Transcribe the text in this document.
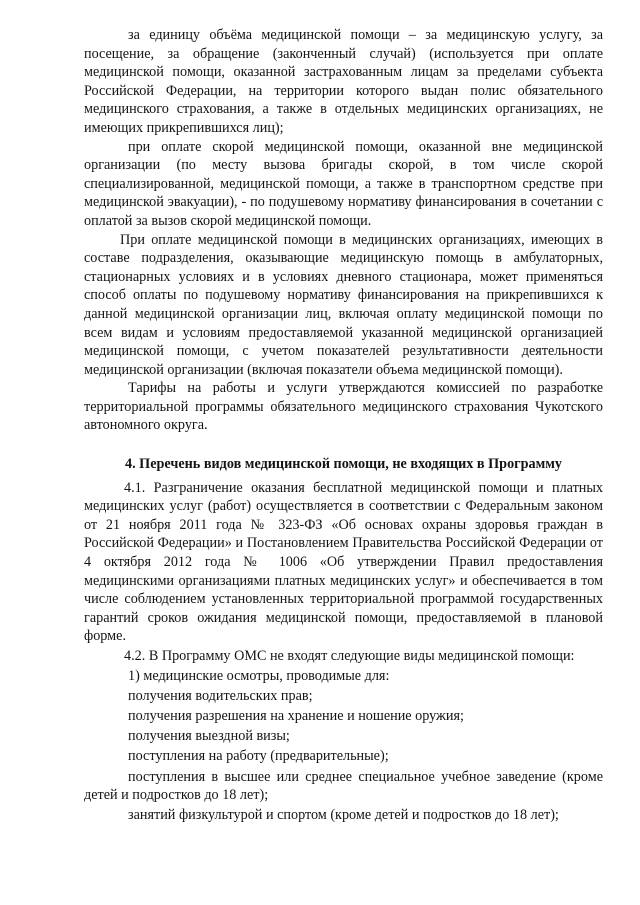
за единицу объёма медицинской помощи – за медицинскую услугу, за посещение, за обращение (законченный случай) (используется при оплате медицинской помощи, оказанной застрахованным лицам за пределами субъекта Российской Федерации, на территории которого выдан полис обязательного медицинского страхования, а также в отдельных медицинских организациях, не имеющих прикрепившихся лиц);

при оплате скорой медицинской помощи, оказанной вне медицинской организации (по месту вызова бригады скорой, в том числе скорой специализированной, медицинской помощи, а также в транспортном средстве при медицинской эвакуации), - по подушевому нормативу финансирования в сочетании с оплатой за вызов скорой медицинской помощи.

При оплате медицинской помощи в медицинских организациях, имеющих в составе подразделения, оказывающие медицинскую помощь в амбулаторных, стационарных условиях и в условиях дневного стационара, может применяться способ оплаты по подушевому нормативу финансирования на прикрепившихся к данной медицинской организации лиц, включая оплату медицинской помощи по всем видам и условиям предоставляемой указанной медицинской организацией медицинской помощи, с учетом показателей результативности деятельности медицинской организации (включая показатели объема медицинской помощи).

Тарифы на работы и услуги утверждаются комиссией по разработке территориальной программы обязательного медицинского страхования Чукотского автономного округа.

4. Перечень видов медицинской помощи, не входящих в Программу

4.1. Разграничение оказания бесплатной медицинской помощи и платных медицинских услуг (работ) осуществляется в соответствии с Федеральным законом от 21 ноября 2011 года № 323-ФЗ «Об основах охраны здоровья граждан в Российской Федерации» и Постановлением Правительства Российской Федерации от 4 октября 2012 года № 1006 «Об утверждении Правил предоставления медицинскими организациями платных медицинских услуг» и обеспечивается в том числе соблюдением установленных территориальной программой государственных гарантий сроков ожидания медицинской помощи, предоставляемой в плановой форме.

4.2. В Программу ОМС не входят следующие виды медицинской помощи:

1) медицинские осмотры, проводимые для:

получения водительских прав;

получения разрешения на хранение и ношение оружия;

получения выездной визы;

поступления на работу (предварительные);

поступления в высшее или среднее специальное учебное заведение (кроме детей и подростков до 18 лет);

занятий физкультурой и спортом (кроме детей и подростков до 18 лет);
